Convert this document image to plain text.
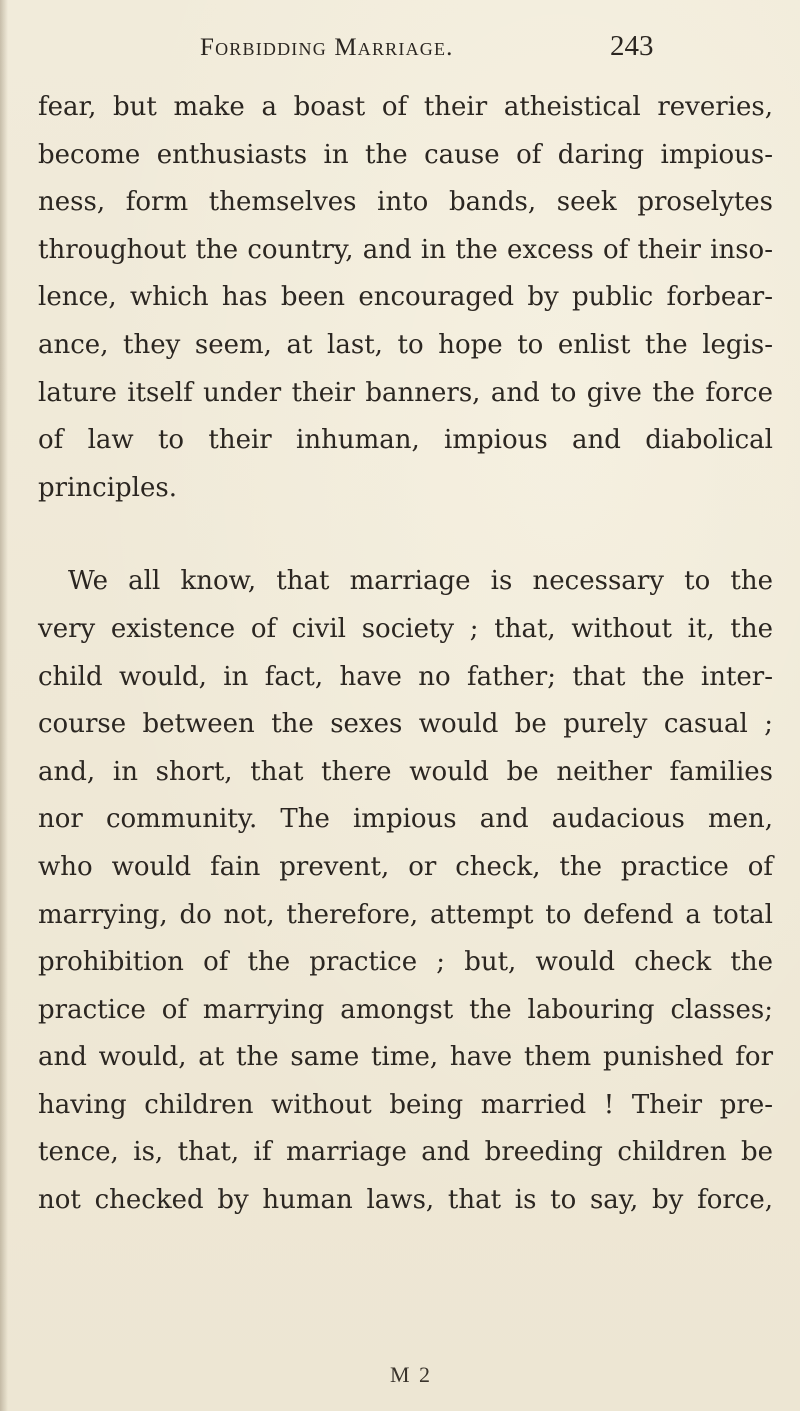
Forbidding Marriage.	243
fear, but make a boast of their atheistical reveries,
become enthusiasts in the cause of daring impious-
ness, form themselves into bands, seek proselytes
throughout the country, and in the excess of their inso-
lence, which has been encouraged by public forbear-
ance, they seem, at last, to hope to enlist the legis-
lature itself under their banners, and to give the force
of law to their inhuman, impious and diabolical
principles.
We all know, that marriage is necessary to the
very existence of civil society ; that, without it, the
child would, in fact, have no father; that the inter-
course between the sexes would be purely casual ;
and, in short, that there would be neither families
nor community. The impious and audacious men,
who would fain prevent, or check, the practice of
marrying, do not, therefore, attempt to defend a total
prohibition of the practice ; but, would check the
practice of marrying amongst the labouring classes;
and would, at the same time, have them punished for
having children without being married ! Their pre-
tence, is, that, if marriage and breeding children be
not checked by human laws, that is to say, by force,
M 2
